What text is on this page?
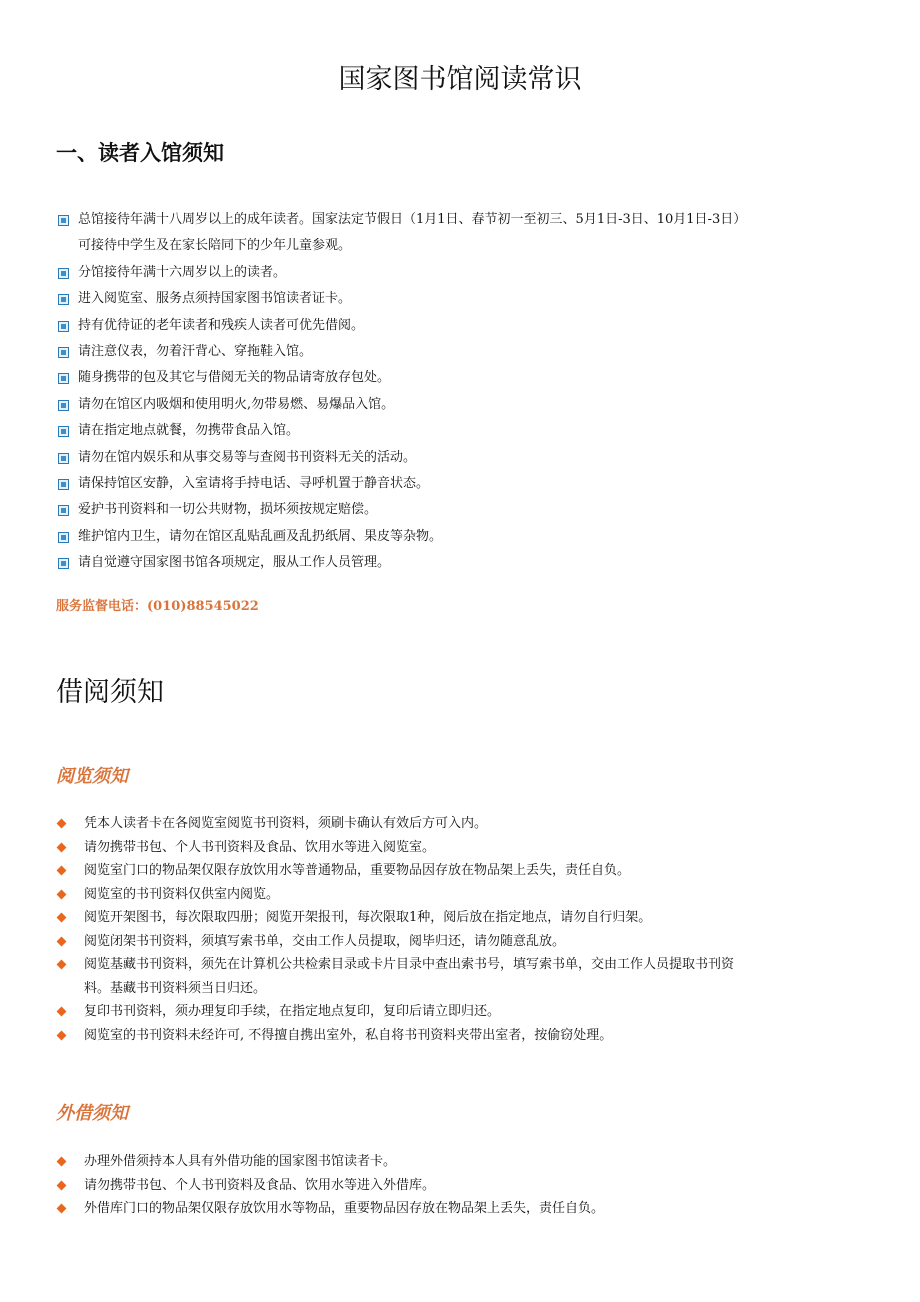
国家图书馆阅读常识
一、读者入馆须知
总馆接待年满十八周岁以上的成年读者。国家法定节假日（1月1日、春节初一至初三、5月1日-3日、10月1日-3日）可接待中学生及在家长陪同下的少年儿童参观。
分馆接待年满十六周岁以上的读者。
进入阅览室、服务点须持国家图书馆读者证卡。
持有优待证的老年读者和残疾人读者可优先借阅。
请注意仪表，勿着汗背心、穿拖鞋入馆。
随身携带的包及其它与借阅无关的物品请寄放存包处。
请勿在馆区内吸烟和使用明火,勿带易燃、易爆品入馆。
请在指定地点就餐，勿携带食品入馆。
请勿在馆内娱乐和从事交易等与查阅书刊资料无关的活动。
请保持馆区安静，入室请将手持电话、寻呼机置于静音状态。
爱护书刊资料和一切公共财物，损坏须按规定赔偿。
维护馆内卫生，请勿在馆区乱贴乱画及乱扔纸屑、果皮等杂物。
请自觉遵守国家图书馆各项规定，服从工作人员管理。

服务监督电话：(010)88545022

借阅须知
阅览须知
凭本人读者卡在各阅览室阅览书刊资料，须刷卡确认有效后方可入内。
请勿携带书包、个人书刊资料及食品、饮用水等进入阅览室。
阅览室门口的物品架仅限存放饮用水等普通物品，重要物品因存放在物品架上丢失，责任自负。
阅览室的书刊资料仅供室内阅览。
阅览开架图书，每次限取四册；阅览开架报刊，每次限取1种，阅后放在指定地点，请勿自行归架。
阅览闭架书刊资料，须填写索书单，交由工作人员提取，阅毕归还，请勿随意乱放。
阅览基藏书刊资料，须先在计算机公共检索目录或卡片目录中查出索书号，填写索书单，交由工作人员提取书刊资料。基藏书刊资料须当日归还。
复印书刊资料，须办理复印手续，在指定地点复印，复印后请立即归还。
阅览室的书刊资料未经许可, 不得擅自携出室外，私自将书刊资料夹带出室者，按偷窃处理。
外借须知
办理外借须持本人具有外借功能的国家图书馆读者卡。
请勿携带书包、个人书刊资料及食品、饮用水等进入外借库。
外借库门口的物品架仅限存放饮用水等物品，重要物品因存放在物品架上丢失，责任自负。
